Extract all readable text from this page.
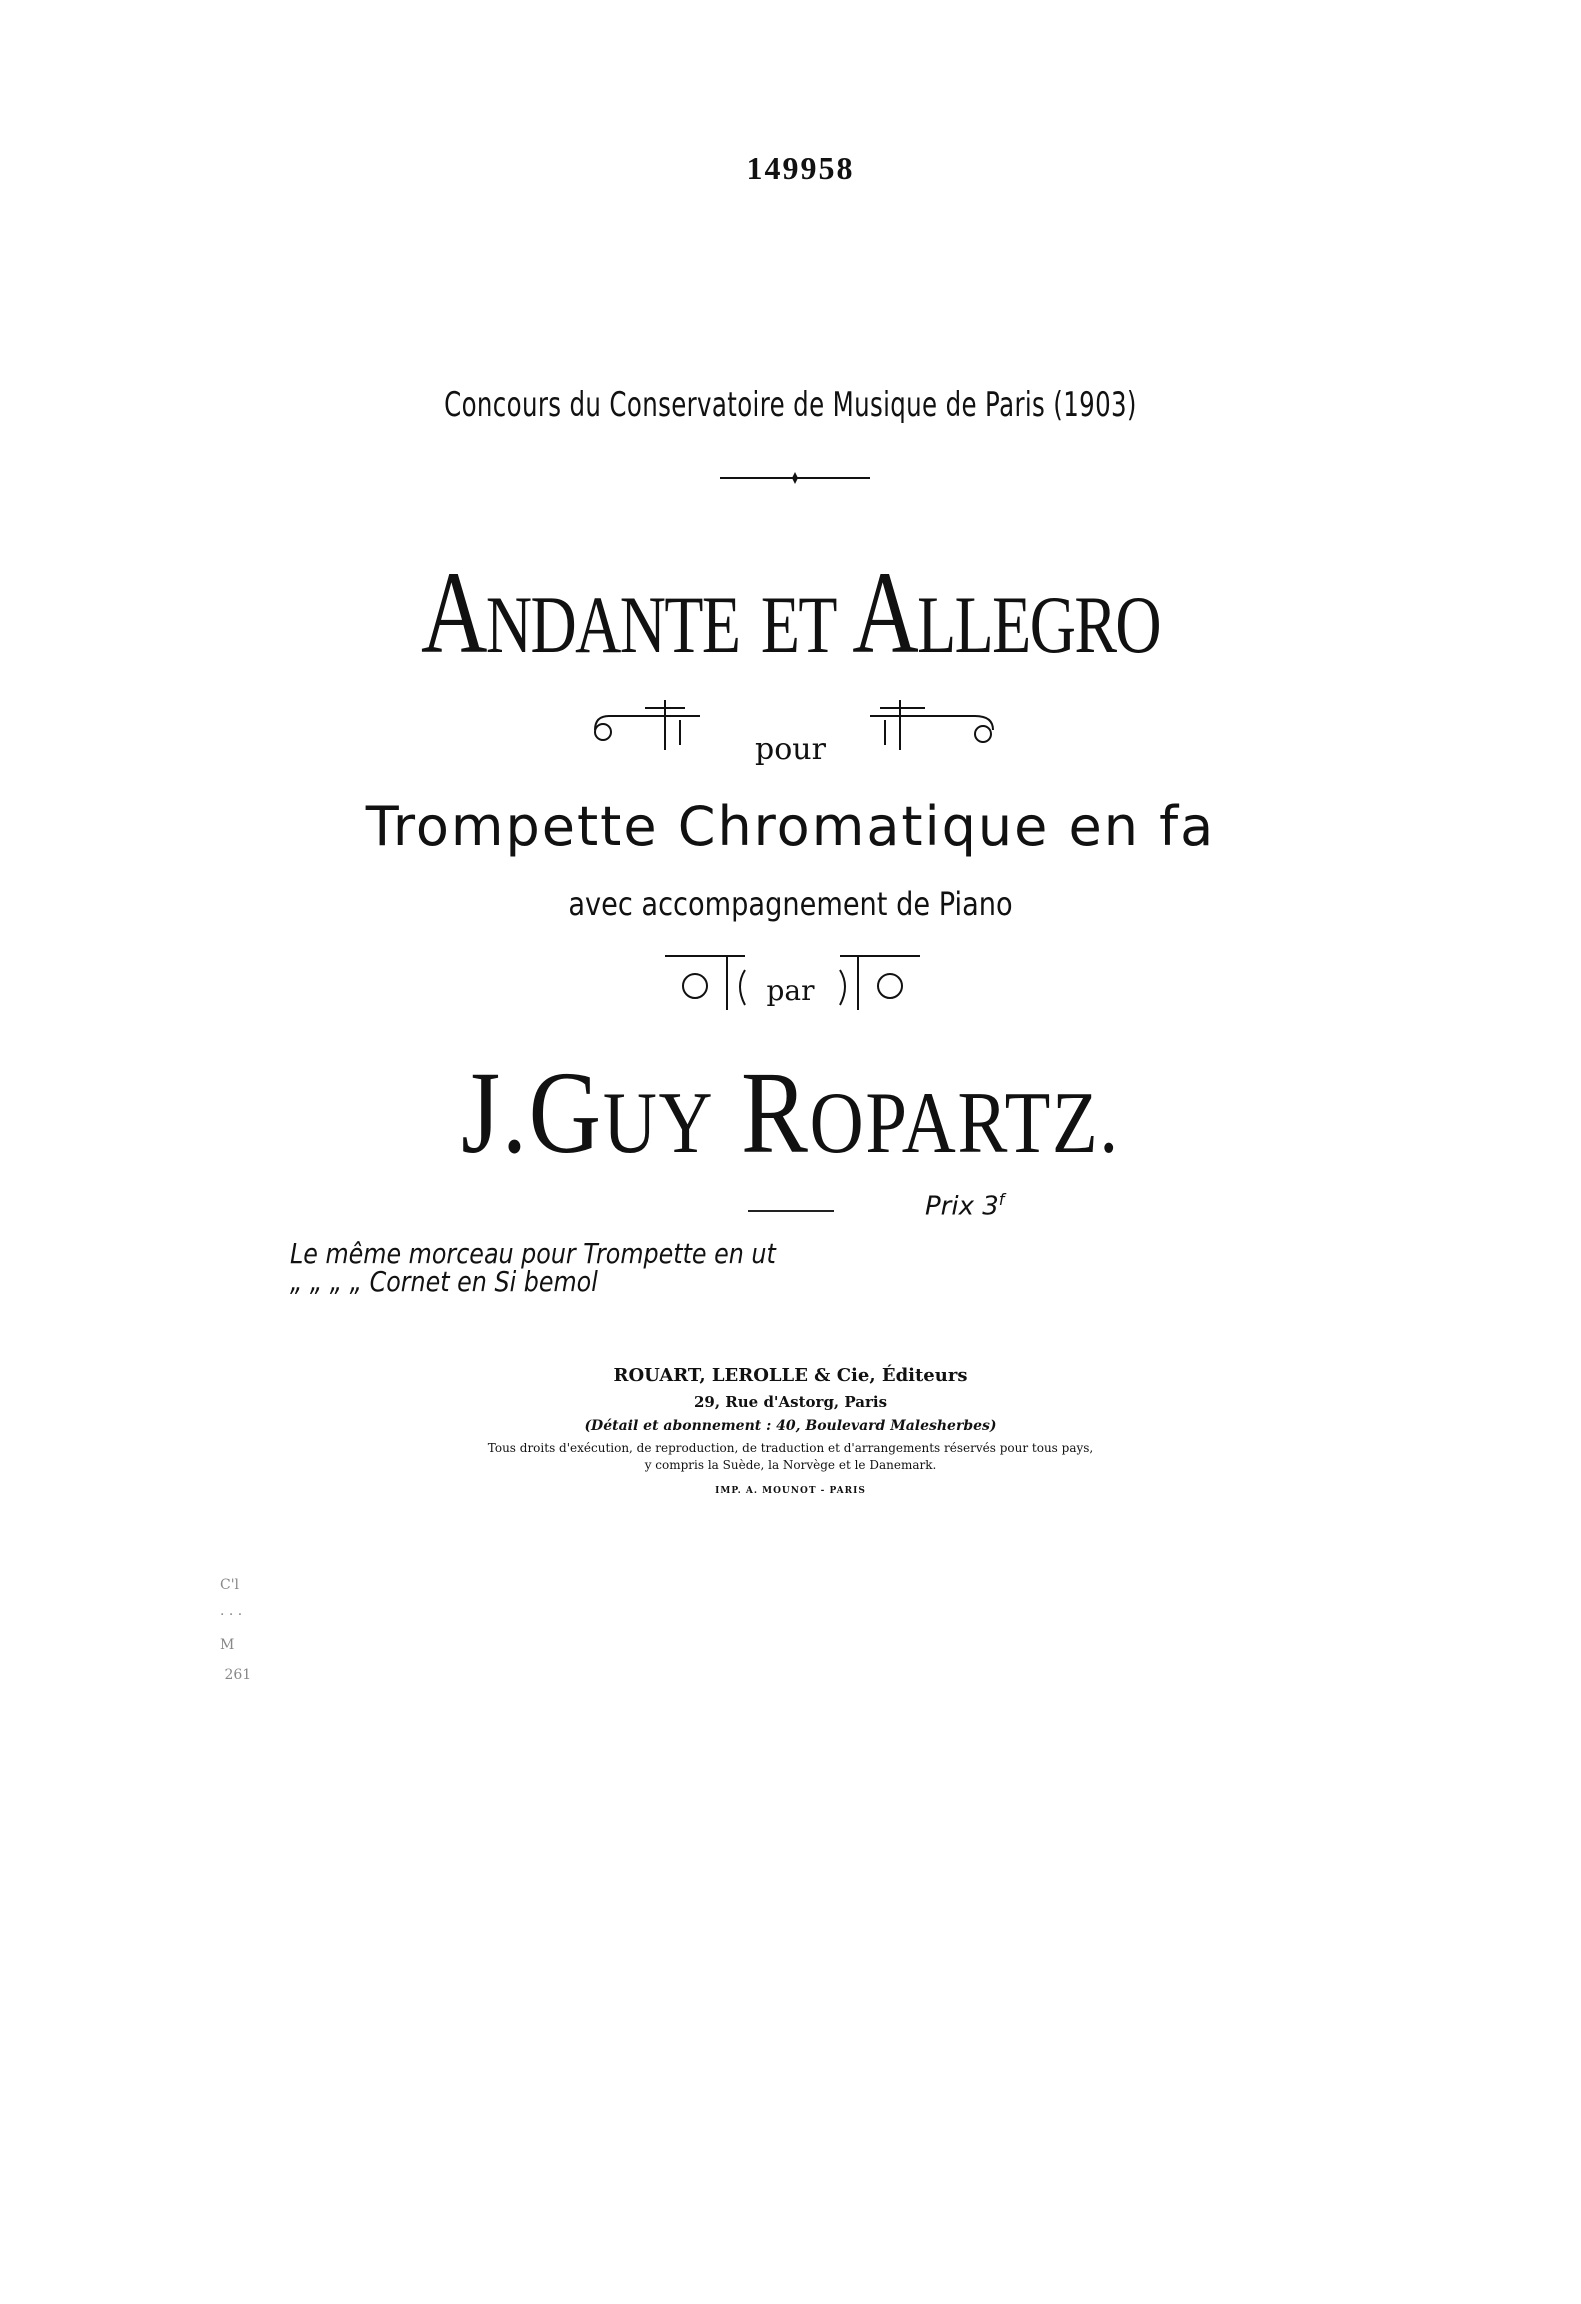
149958
Concours du Conservatoire de Musique de Paris (1903)
ANDANTE ET ALLEGRO
pour
Trompette Chromatique en fa
avec accompagnement de Piano
par
J.GUY ROPARTZ.
Prix 3$^f$
Le même morceau pour Trompette en ut
„ „ „ „ Cornet en Si bemol
ROUART, LEROLLE & Cie, Éditeurs
29, Rue d'Astorg, Paris
(Détail et abonnement : 40, Boulevard Malesherbes)
Tous droits d'exécution, de reproduction, de traduction et d'arrangements réservés pour tous pays,
y compris la Suède, la Norvège et le Danemark.
IMP. A. MOUNOT - PARIS
C'l
· · ·
M
261
